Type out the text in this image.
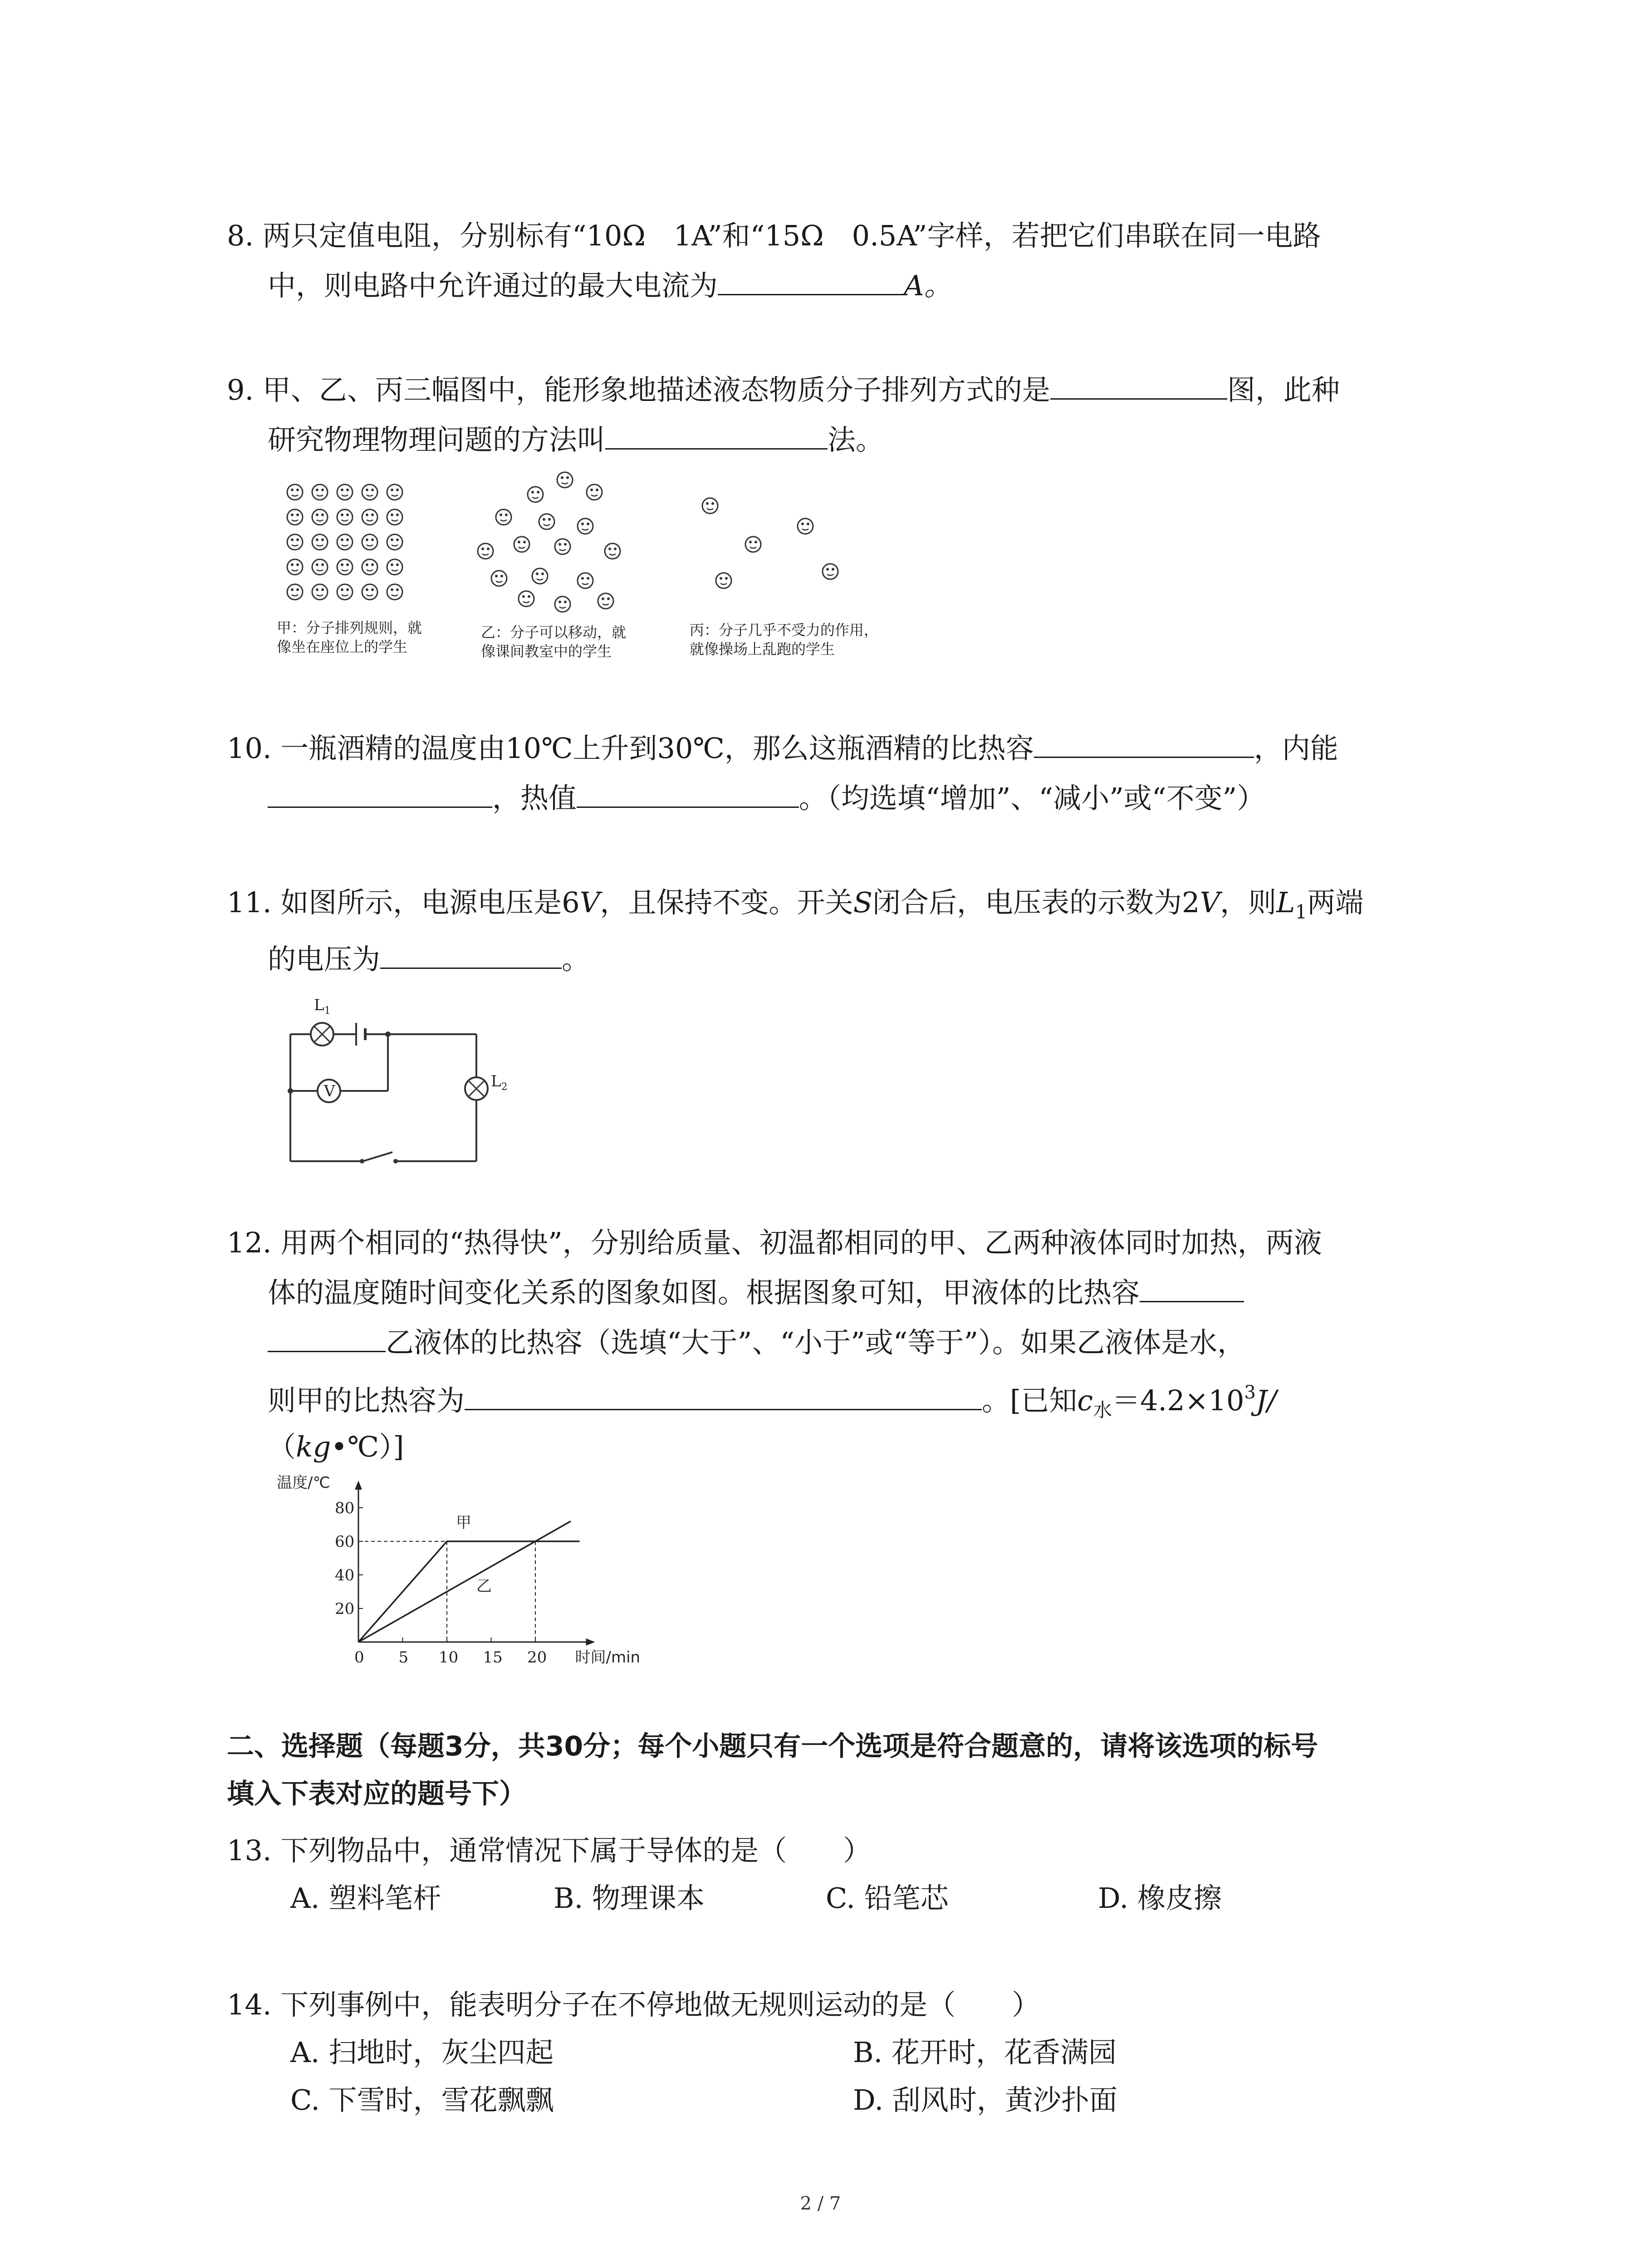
8. 两只定值电阻，分别标有“10Ω　1A”和“15Ω　0.5A”字样，若把它们串联在同一电路
中，则电路中允许通过的最大电流为	A。
9. 甲、乙、丙三幅图中，能形象地描述液态物质分子排列方式的是	图，此种
研究物理物理问题的方法叫	法。
甲：分子排列规则，就
像坐在座位上的学生
乙：分子可以移动，就
像课间教室中的学生
丙：分子几乎不受力的作用，
就像操场上乱跑的学生
10. 一瓶酒精的温度由10℃上升到30℃，那么这瓶酒精的比热容	，内能
，热值	。（均选填“增加”、“减小”或“不变”）
11. 如图所示，电源电压是6V，且保持不变。开关S闭合后，电压表的示数为2V，则$L_1$两端
的电压为	。
V
$L_1$
$L_2$
12. 用两个相同的“热得快”，分别给质量、初温都相同的甲、乙两种液体同时加热，两液
体的温度随时间变化关系的图象如图。根据图象可知，甲液体的比热容
乙液体的比热容（选填“大于”、“小于”或“等于”）。如果乙液体是水，
则甲的比热容为	。[已知$c_水=4.2\times 10^3J/$
（kg•℃）]
温度/℃
时间/min
20
40
60
80
0 5 10 15 20
甲
乙
二、选择题（每题3分，共30分；每个小题只有一个选项是符合题意的，请将该选项的标号
填入下表对应的题号下）
13. 下列物品中，通常情况下属于导体的是（　　）
A. 塑料笔杆	B. 物理课本	C. 铅笔芯	D. 橡皮擦
14. 下列事例中，能表明分子在不停地做无规则运动的是（　　）
A. 扫地时，灰尘四起	B. 花开时，花香满园
C. 下雪时，雪花飘飘	D. 刮风时，黄沙扑面
2 / 7
